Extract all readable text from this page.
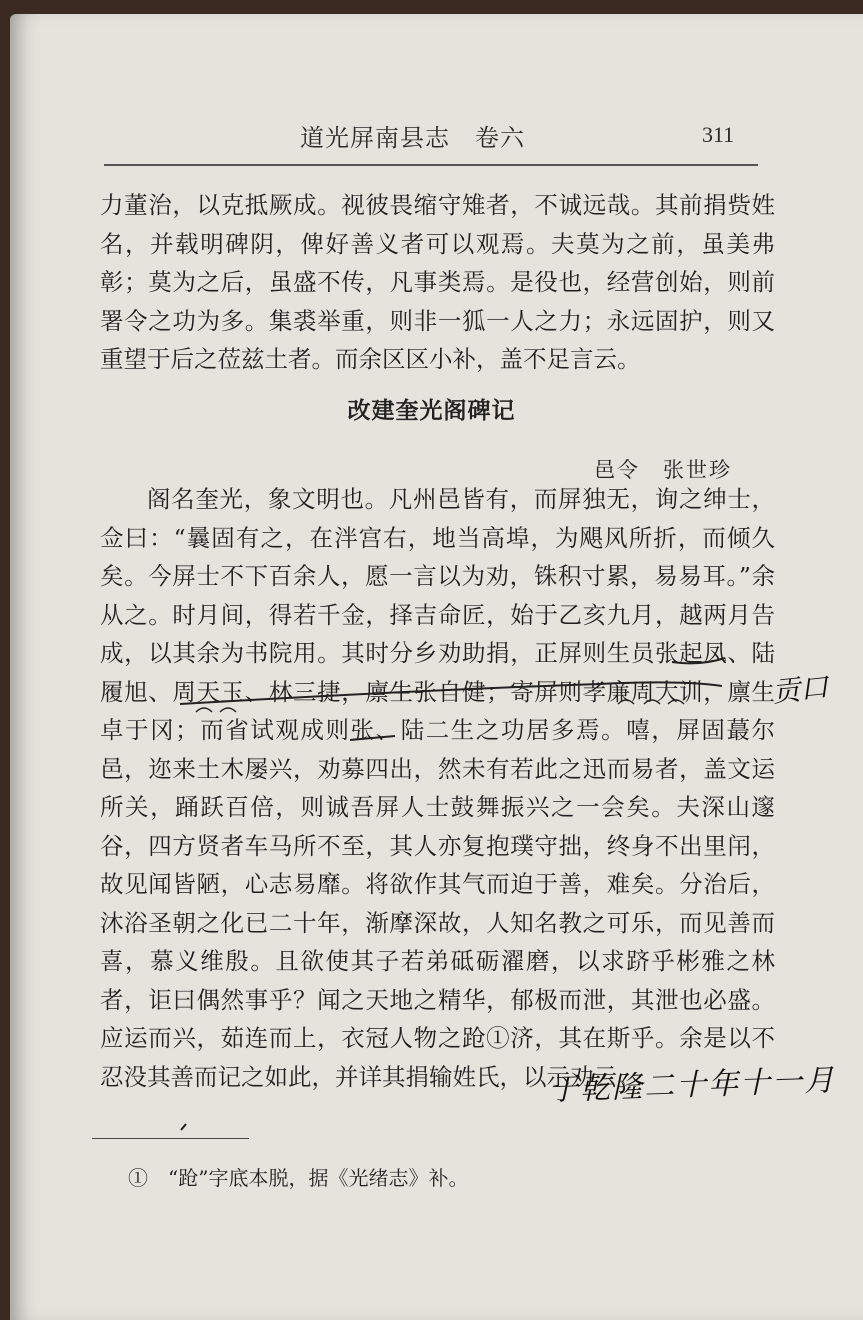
道光屏南县志　卷六	311
力董治，以克抵厥成。视彼畏缩守雉者，不诚远哉。其前捐赀姓名，并载明碑阴，俾好善义者可以观焉。夫莫为之前，虽美弗彰；莫为之后，虽盛不传，凡事类焉。是役也，经营创始，则前署令之功为多。集裘举重，则非一狐一人之力；永远固护，则又重望于后之莅兹土者。而余区区小补，盖不足言云。
改建奎光阁碑记
邑令　张世珍
阁名奎光，象文明也。凡州邑皆有，而屏独无，询之绅士，佥曰：“曩固有之，在泮宫右，地当高埠，为飓风所折，而倾久矣。今屏士不下百余人，愿一言以为劝，铢积寸累，易易耳。”余从之。时月间，得若千金，择吉命匠，始于乙亥九月，越两月告成，以其余为书院用。其时分乡劝助捐，正屏则生员张起凤、陆履旭、周天玉、林三捷，廪生张自健；寄屏则孝廉周大训，廪生卓于冈；而省试观成则张、陆二生之功居多焉。嘻，屏固蕞尔邑，迩来土木屡兴，劝募四出，然未有若此之迅而易者，盖文运所关，踊跃百倍，则诚吾屏人士鼓舞振兴之一会矣。夫深山邃谷，四方贤者车马所不至，其人亦复抱璞守拙，终身不出里闬，故见闻皆陋，心志易靡。将欲作其气而迫于善，难矣。分治后，沐浴圣朝之化已二十年，渐摩深故，人知名教之可乐，而见善而喜，慕义维殷。且欲使其子若弟砥砺濯磨，以求跻乎彬雅之林者，讵曰偶然事乎？闻之天地之精华，郁极而泄，其泄也必盛。应运而兴，茹连而上，衣冠人物之跄①济，其在斯乎。余是以不忍没其善而记之如此，并详其捐输姓氏，以示劝云。
贡口
于乾隆二十年十一月
①　“跄”字底本脱，据《光绪志》补。
